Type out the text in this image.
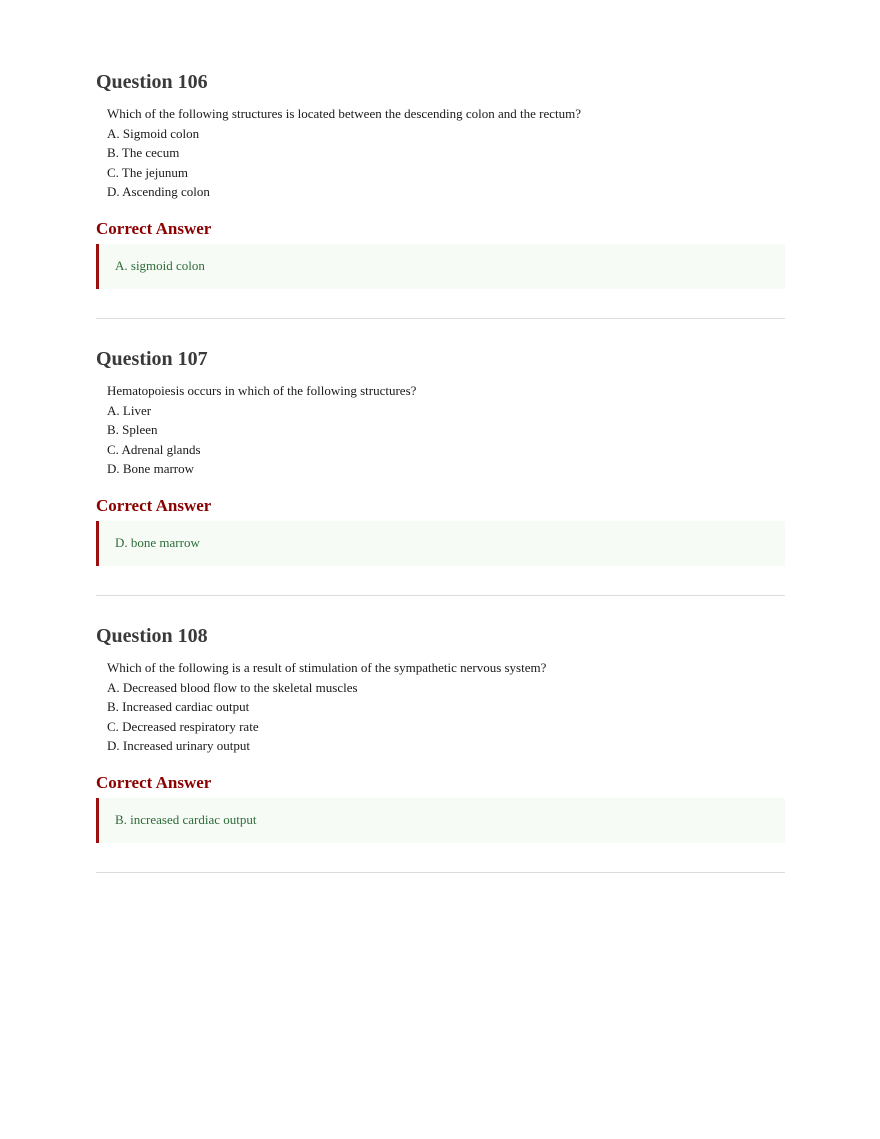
Question 106
Which of the following structures is located between the descending colon and the rectum?
A. Sigmoid colon
B. The cecum
C. The jejunum
D. Ascending colon
Correct Answer
A. sigmoid colon
Question 107
Hematopoiesis occurs in which of the following structures?
A. Liver
B. Spleen
C. Adrenal glands
D. Bone marrow
Correct Answer
D. bone marrow
Question 108
Which of the following is a result of stimulation of the sympathetic nervous system?
A. Decreased blood flow to the skeletal muscles
B. Increased cardiac output
C. Decreased respiratory rate
D. Increased urinary output
Correct Answer
B. increased cardiac output
